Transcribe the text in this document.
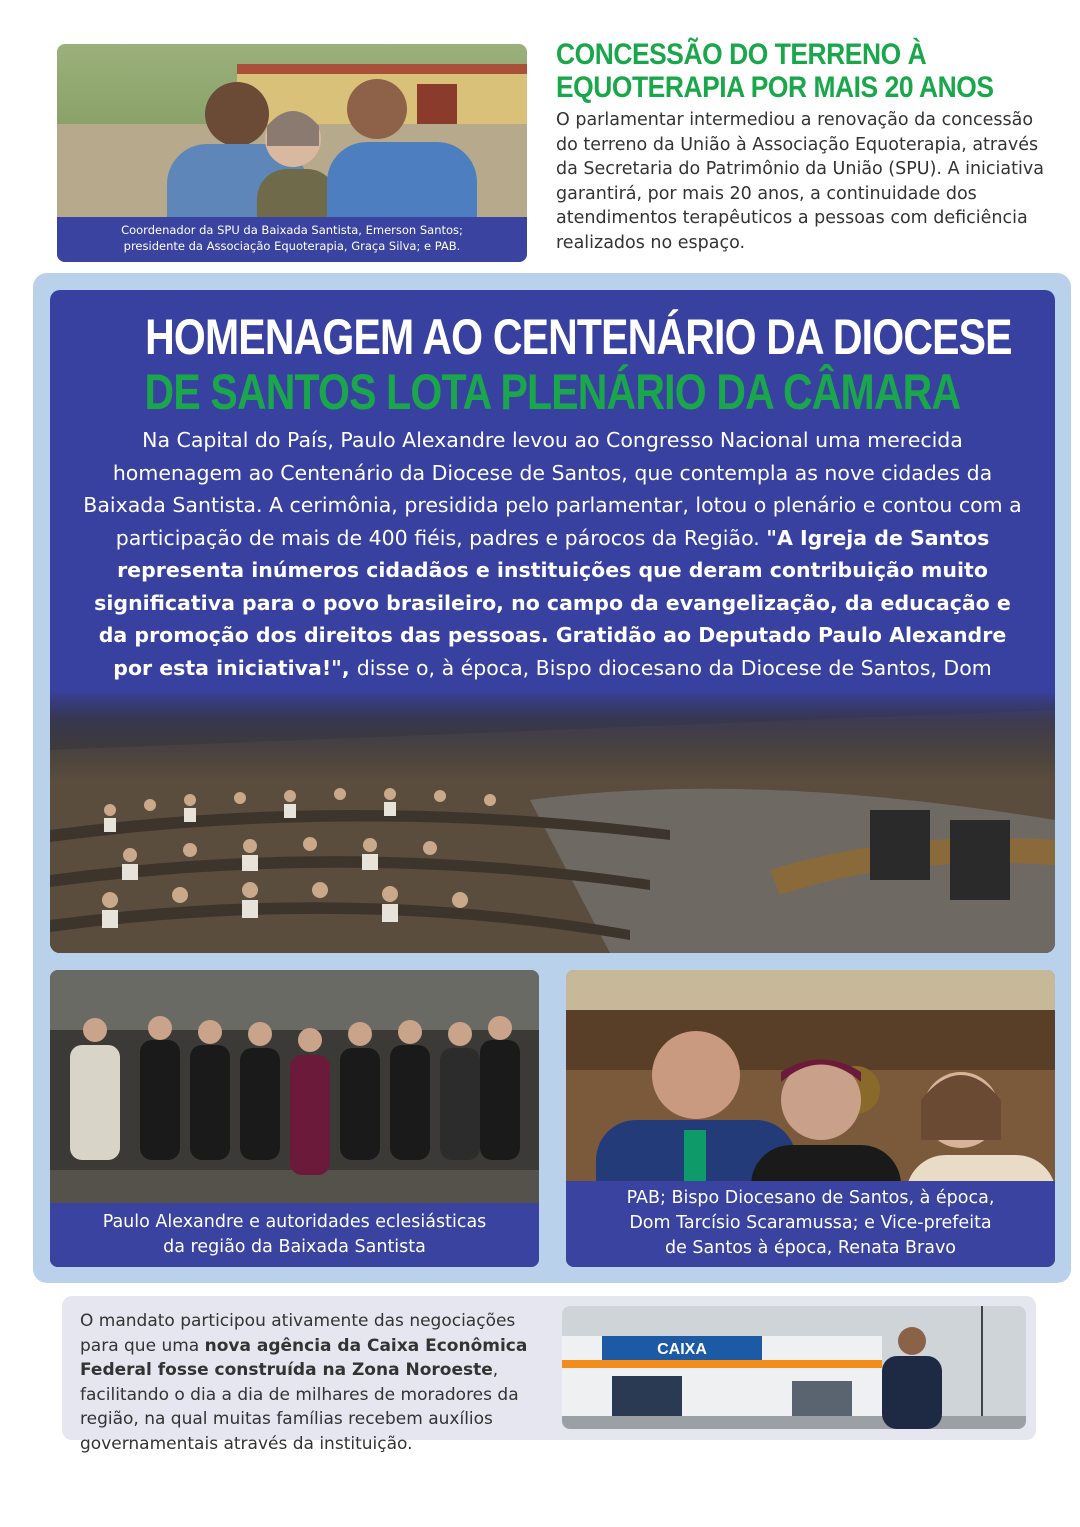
Coordenador da SPU da Baixada Santista, Emerson Santos;
presidente da Associação Equoterapia, Graça Silva; e PAB.
CONCESSÃO DO TERRENO À EQUOTERAPIA POR MAIS 20 ANOS
O parlamentar intermediou a renovação da concessão do terreno da União à Associação Equoterapia, através da Secretaria do Patrimônio da União (SPU). A iniciativa garantirá, por mais 20 anos, a continuidade dos atendimentos terapêuticos a pessoas com deficiência realizados no espaço.
HOMENAGEM AO CENTENÁRIO DA DIOCESE
DE SANTOS LOTA PLENÁRIO DA CÂMARA
Na Capital do País, Paulo Alexandre levou ao Congresso Nacional uma merecida homenagem ao Centenário da Diocese de Santos, que contempla as nove cidades da Baixada Santista. A cerimônia, presidida pelo parlamentar, lotou o plenário e contou com a participação de mais de 400 fiéis, padres e párocos da Região. "A Igreja de Santos representa inúmeros cidadãos e instituições que deram contribuição muito significativa para o povo brasileiro, no campo da evangelização, da educação e da promoção dos direitos das pessoas. Gratidão ao Deputado Paulo Alexandre por esta iniciativa!", disse o, à época, Bispo diocesano da Diocese de Santos, Dom
Paulo Alexandre e autoridades eclesiásticas
da região da Baixada Santista
PAB; Bispo Diocesano de Santos, à época,
Dom Tarcísio Scaramussa; e Vice-prefeita
de Santos à época, Renata Bravo
O mandato participou ativamente das negociações para que uma nova agência da Caixa Econômica Federal fosse construída na Zona Noroeste, facilitando o dia a dia de milhares de moradores da região, na qual muitas famílias recebem auxílios governamentais através da instituição.
CAIXA
